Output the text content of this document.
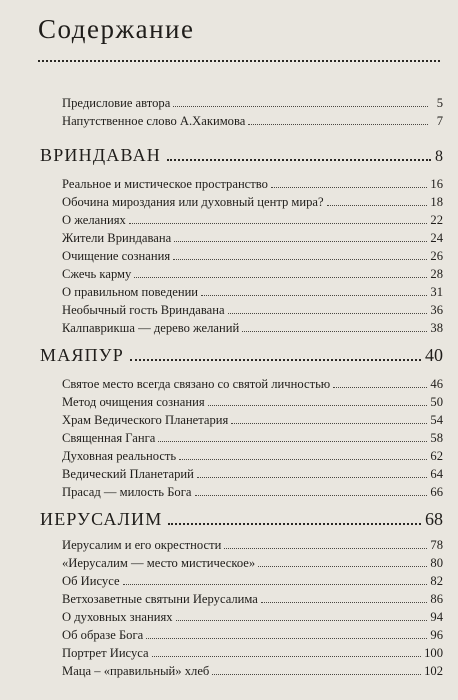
Содержание
Предисловие автора	5
Напутственное слово А.Хакимова	7
ВРИНДАВАН	8
Реальное и мистическое пространство	16
Обочина мироздания или духовный центр мира?	18
О желаниях	22
Жители Вриндавана	24
Очищение сознания	26
Сжечь карму	28
О правильном поведении	31
Необычный гость Вриндавана	36
Калпаврикша — дерево желаний	38
МАЯПУР	40
Святое место всегда связано со святой личностью	46
Метод очищения сознания	50
Храм Ведического Планетария	54
Священная Ганга	58
Духовная реальность	62
Ведический Планетарий	64
Прасад — милость Бога	66
ИЕРУСАЛИМ	68
Иерусалим и его окрестности	78
«Иерусалим — место мистическое»	80
Об Иисусе	82
Ветхозаветные святыни Иерусалима	86
О духовных знаниях	94
Об образе Бога	96
Портрет Иисуса	100
Маца – «правильный» хлеб	102
